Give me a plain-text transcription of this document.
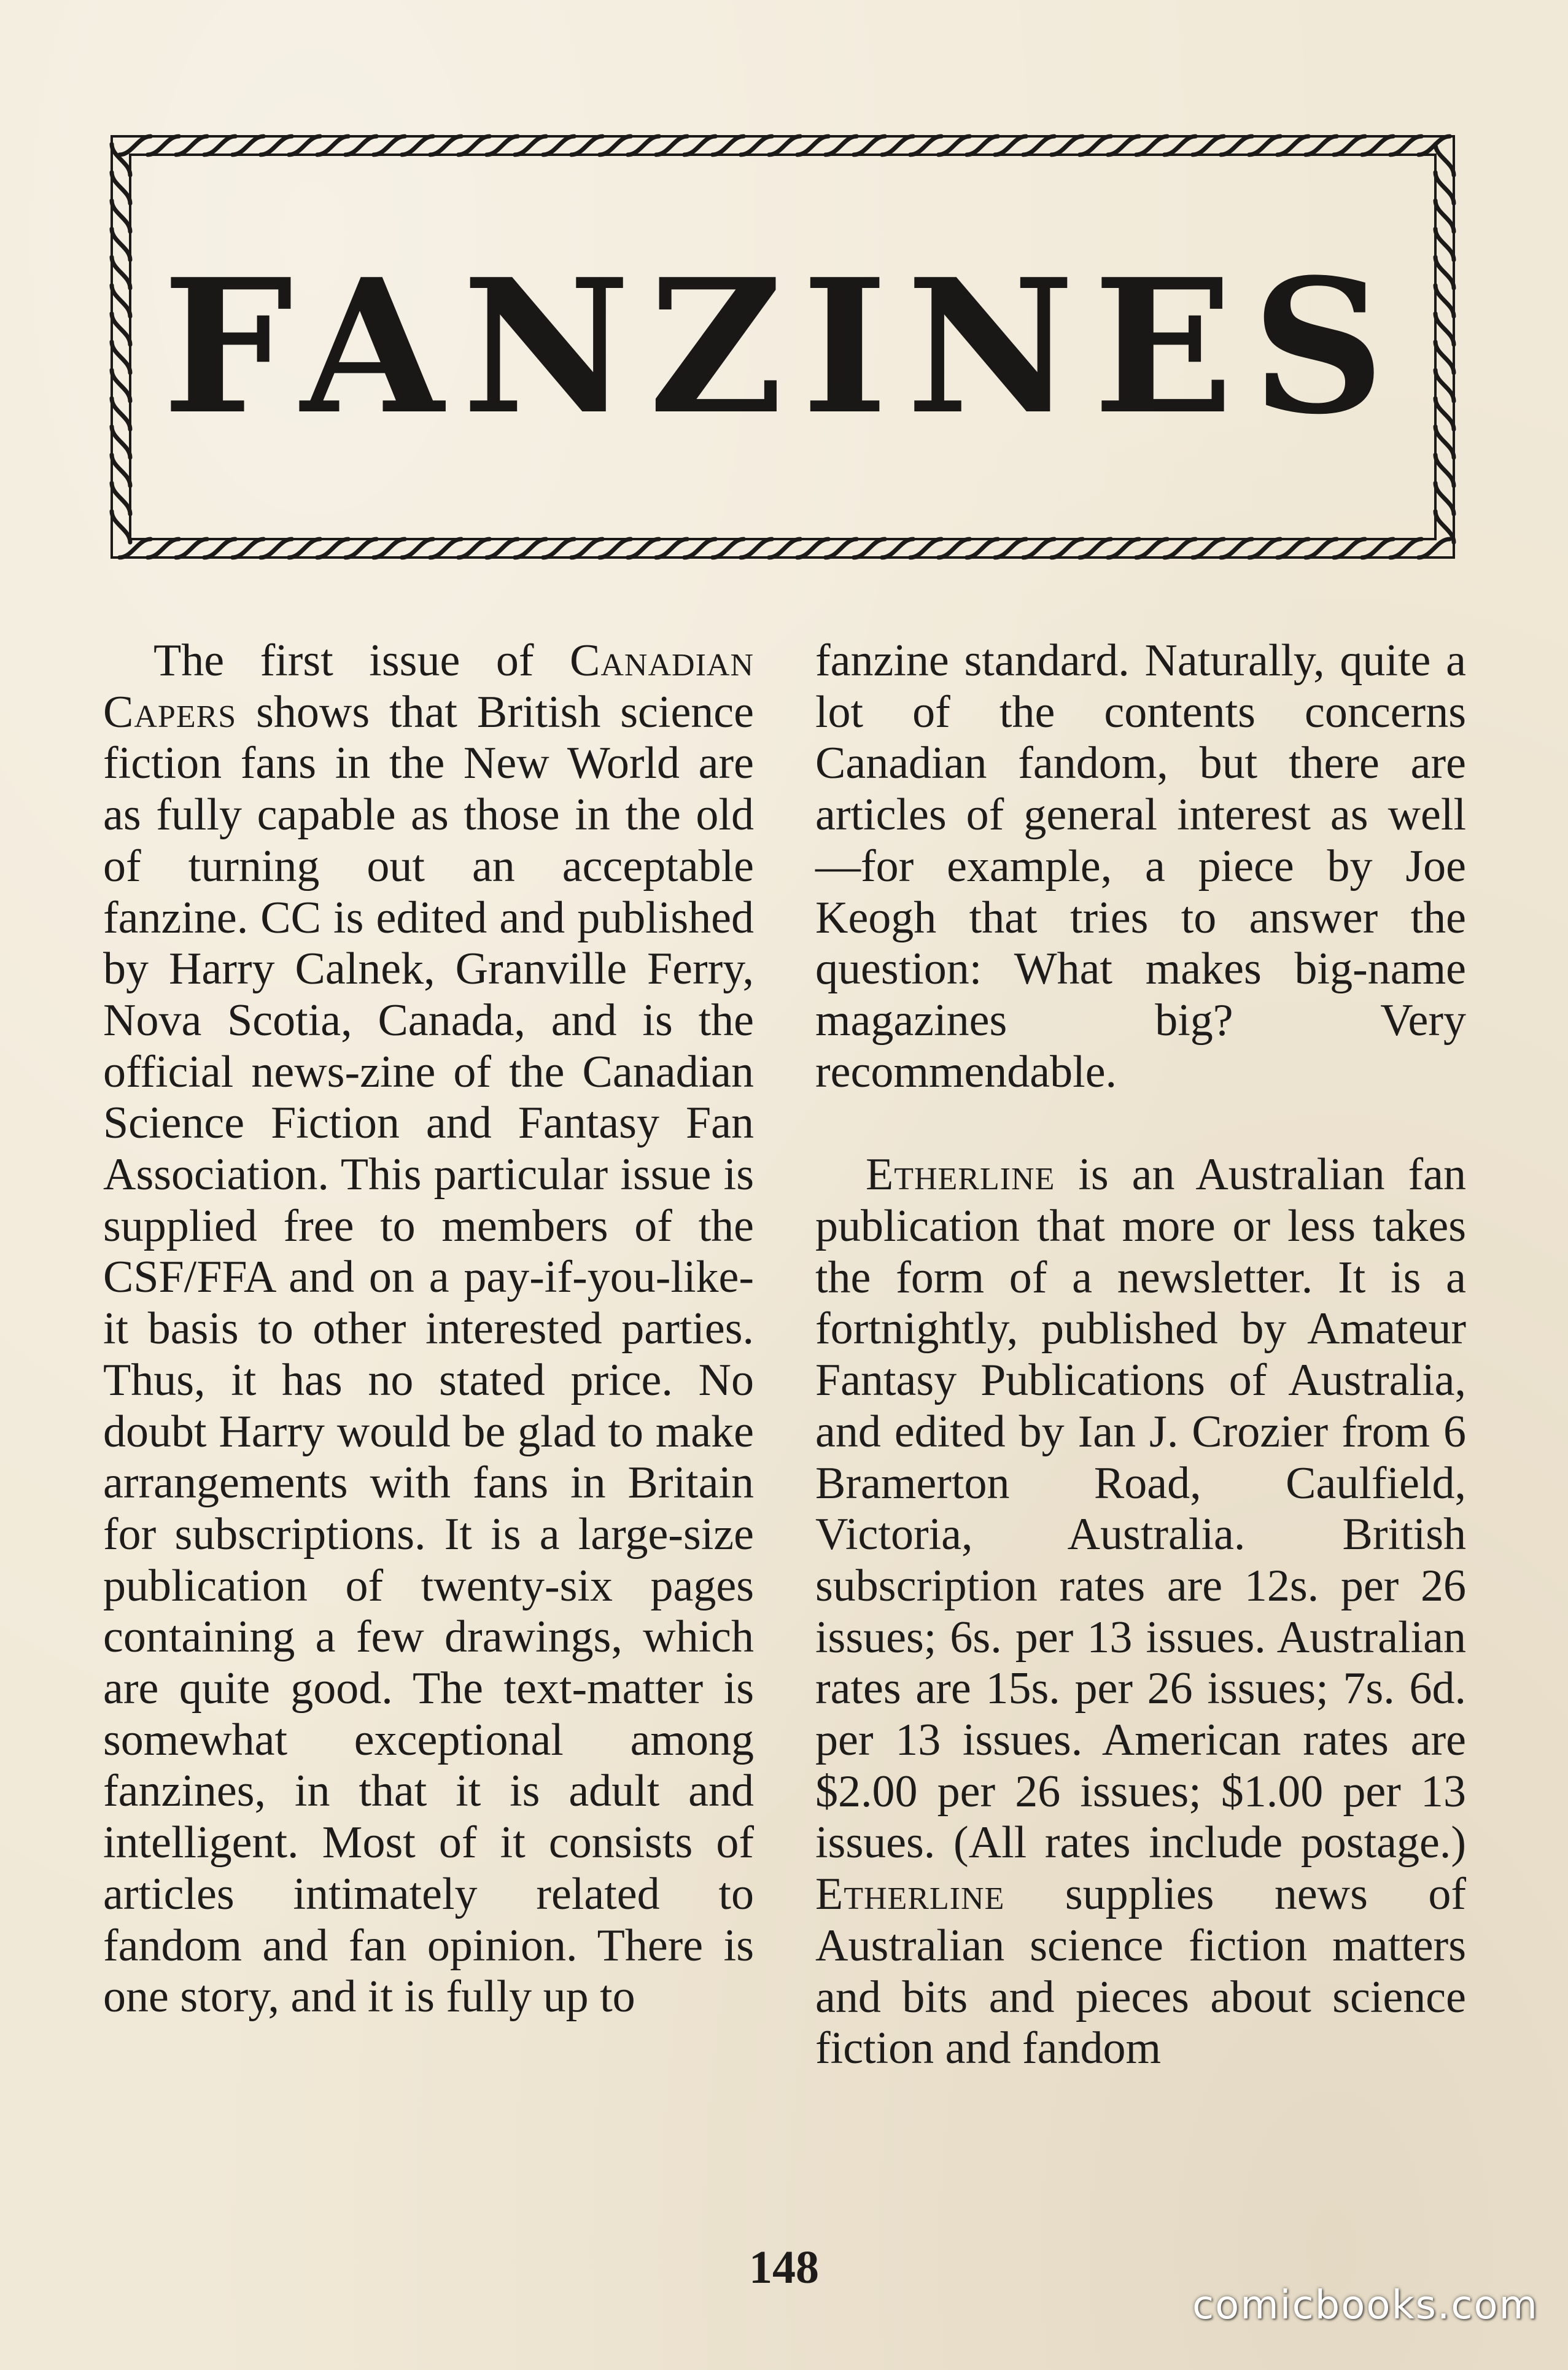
FANZINES

The first issue of Canadian Capers shows that British science fiction fans in the New World are as fully capable as those in the old of turning out an acceptable fanzine. CC is edited and published by Harry Calnek, Granville Ferry, Nova Scotia, Canada, and is the official news-zine of the Canadian Science Fiction and Fantasy Fan Association. This particular issue is supplied free to members of the CSF/FFA and on a pay-if-you-like-it basis to other interested parties. Thus, it has no stated price. No doubt Harry would be glad to make arrangements with fans in Britain for subscriptions. It is a large-size publication of twenty-six pages containing a few drawings, which are quite good. The text-matter is somewhat exceptional among fanzines, in that it is adult and intelligent. Most of it consists of articles intimately related to fandom and fan opinion. There is one story, and it is fully up to

fanzine standard. Naturally, quite a lot of the contents concerns Canadian fandom, but there are articles of general interest as well—for example, a piece by Joe Keogh that tries to answer the question: What makes big-name magazines big? Very recommendable.

Etherline is an Australian fan publication that more or less takes the form of a newsletter. It is a fortnightly, published by Amateur Fantasy Publications of Australia, and edited by Ian J. Crozier from 6 Bramerton Road, Caulfield, Victoria, Australia. British subscription rates are 12s. per 26 issues; 6s. per 13 issues. Australian rates are 15s. per 26 issues; 7s. 6d. per 13 issues. American rates are $2.00 per 26 issues; $1.00 per 13 issues. (All rates include postage.) Etherline supplies news of Australian science fiction matters and bits and pieces about science fiction and fandom

148
comicbooks.com
